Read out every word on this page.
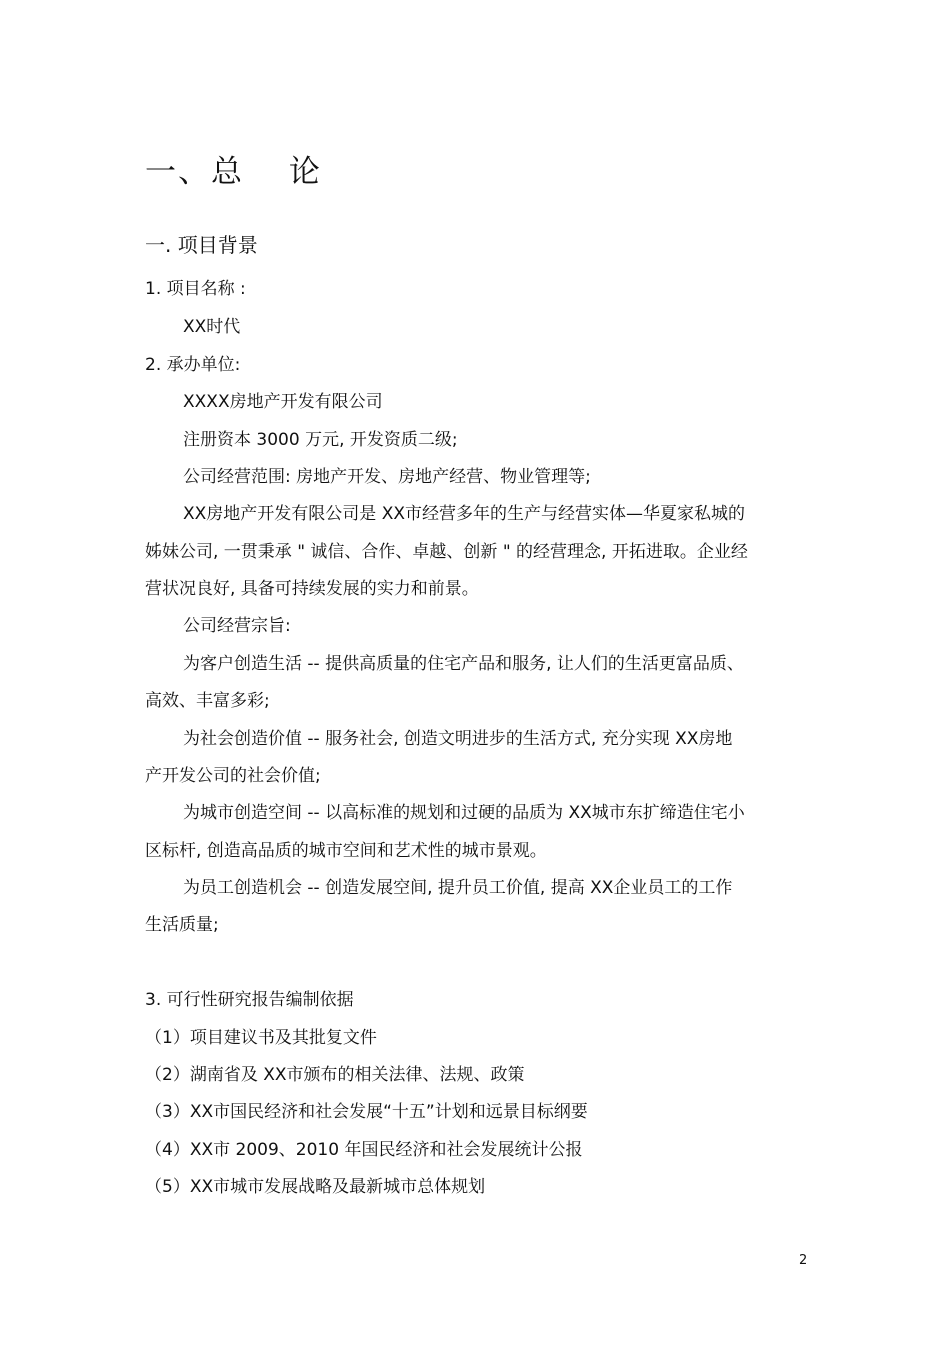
一、总　 论
一. 项目背景
1. 项目名称 :
XX时代
2. 承办单位:
XXXX房地产开发有限公司
注册资本 3000 万元, 开发资质二级;
公司经营范围: 房地产开发、房地产经营、物业管理等;
XX房地产开发有限公司是 XX市经营多年的生产与经营实体—华夏家私城的
姊妹公司, 一贯秉承 " 诚信、合作、卓越、创新 " 的经营理念, 开拓进取。企业经
营状况良好, 具备可持续发展的实力和前景。
公司经营宗旨:
为客户创造生活 -- 提供高质量的住宅产品和服务, 让人们的生活更富品质、
高效、丰富多彩;
为社会创造价值 -- 服务社会, 创造文明进步的生活方式, 充分实现 XX房地
产开发公司的社会价值;
为城市创造空间 -- 以高标准的规划和过硬的品质为 XX城市东扩缔造住宅小
区标杆, 创造高品质的城市空间和艺术性的城市景观。
为员工创造机会 -- 创造发展空间, 提升员工价值, 提高 XX企业员工的工作
生活质量;
3. 可行性研究报告编制依据
（1）项目建议书及其批复文件
（2）湖南省及 XX市颁布的相关法律、法规、政策
（3）XX市国民经济和社会发展“十五”计划和远景目标纲要
（4）XX市 2009、2010 年国民经济和社会发展统计公报
（5）XX市城市发展战略及最新城市总体规划
2
